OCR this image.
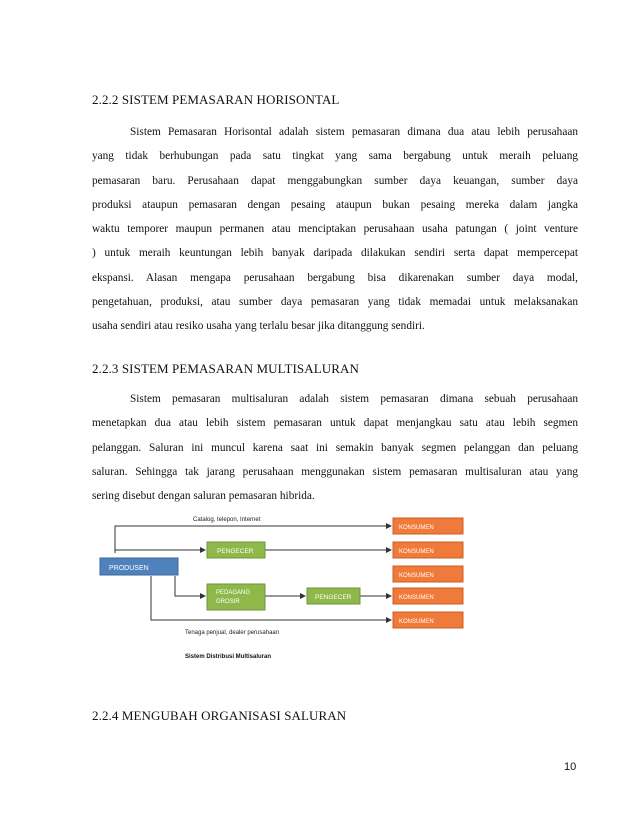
2.2.2 SISTEM PEMASARAN HORISONTAL
Sistem Pemasaran Horisontal adalah sistem pemasaran dimana dua atau lebih perusahaan
yang tidak berhubungan pada satu tingkat yang sama bergabung untuk meraih peluang
pemasaran baru. Perusahaan dapat menggabungkan sumber daya keuangan, sumber daya
produksi ataupun pemasaran dengan pesaing ataupun bukan pesaing mereka dalam jangka
waktu temporer maupun permanen atau menciptakan perusahaan usaha patungan ( joint venture
) untuk meraih keuntungan lebih banyak daripada dilakukan sendiri serta dapat mempercepat
ekspansi. Alasan mengapa perusahaan bergabung bisa dikarenakan sumber daya modal,
pengetahuan, produksi, atau sumber daya pemasaran yang tidak memadai untuk melaksanakan
usaha sendiri atau resiko usaha yang terlalu besar jika ditanggung sendiri.
2.2.3 SISTEM PEMASARAN MULTISALURAN
Sistem pemasaran multisaluran adalah sistem pemasaran dimana sebuah perusahaan
menetapkan dua atau lebih sistem pemasaran untuk dapat menjangkau satu atau lebih segmen
pelanggan. Saluran ini muncul karena saat ini semakin banyak segmen pelanggan dan peluang
saluran. Sehingga tak jarang perusahaan menggunakan sistem pemasaran multisaluran atau yang
sering disebut dengan saluran pemasaran hibrida.
PRODUSEN
PENGECER
PEDAGANG
GROSIR
PENGECER
KONSUMEN
KONSUMEN
KONSUMEN
KONSUMEN
KONSUMEN
Catalog, telepon, Internet
Tenaga penjual, dealer perusahaan
Sistem Distribusi Multisaluran
2.2.4 MENGUBAH ORGANISASI SALURAN
10
